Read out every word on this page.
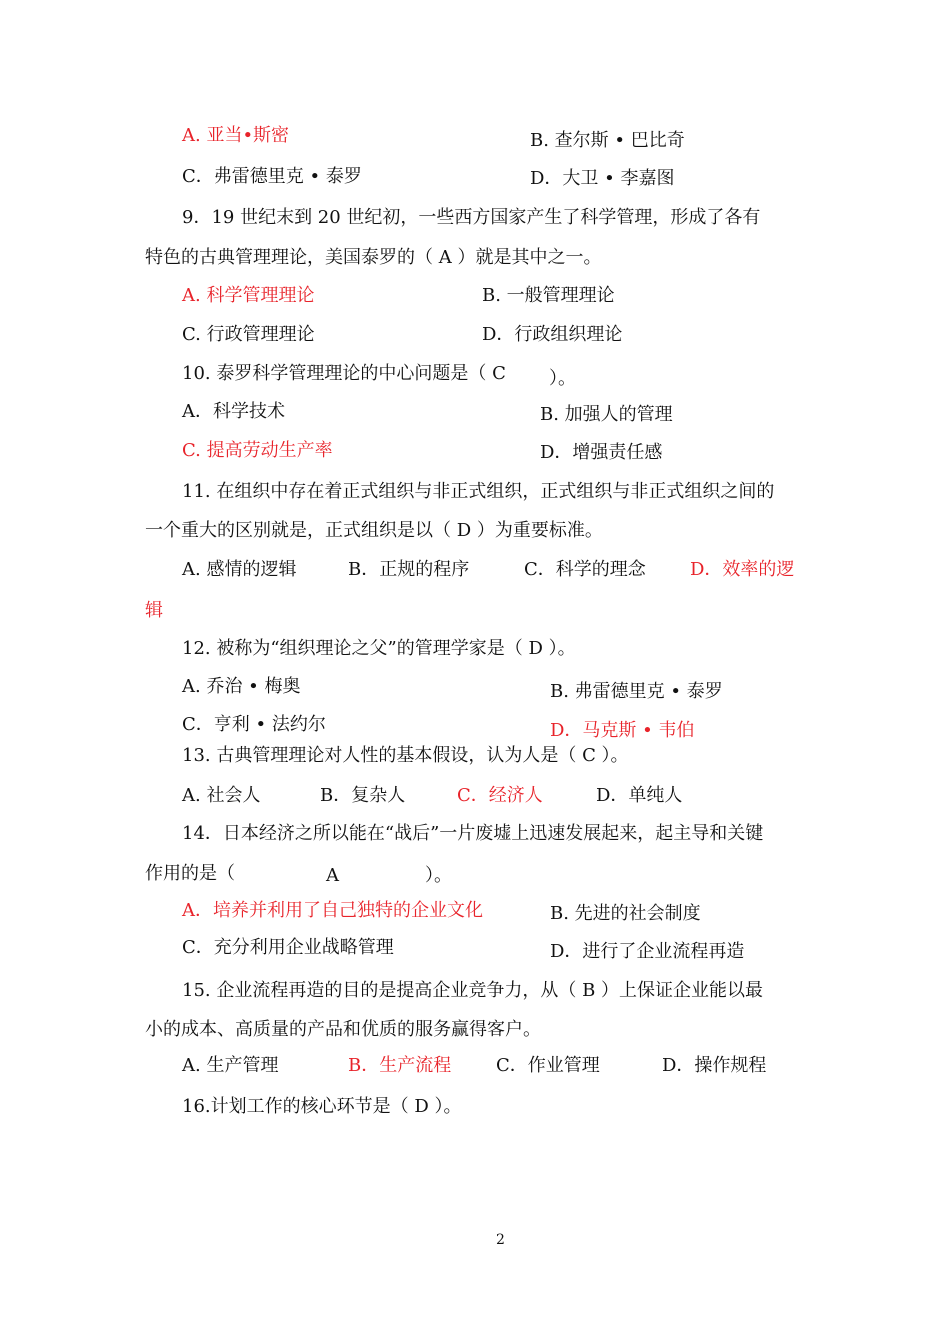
A. 亚当•斯密	B. 查尔斯 • 巴比奇
C．弗雷德里克 • 泰罗	D．大卫 • 李嘉图
9．19 世纪末到 20 世纪初，一些西方国家产生了科学管理，形成了各有
特色的古典管理理论，美国泰罗的（ A ）就是其中之一。
A. 科学管理理论	B. 一般管理理论
C. 行政管理理论	D．行政组织理论
10. 泰罗科学管理理论的中心问题是（ C ）。
A．科学技术	B. 加强人的管理
C. 提高劳动生产率	D．增强责任感
11. 在组织中存在着正式组织与非正式组织，正式组织与非正式组织之间的
一个重大的区别就是，正式组织是以（ D ）为重要标准。
A. 感情的逻辑	B．正规的程序	C．科学的理念 D．效率的逻
辑
12. 被称为“组织理论之父”的管理学家是（ D ）。
A. 乔治 • 梅奥	B. 弗雷德里克 • 泰罗
C．亨利 • 法约尔	D．马克斯 • 韦伯
13. 古典管理理论对人性的基本假设，认为人是（ C ）。
A. 社会人	B．复杂人	C．经济人	D．单纯人
14．日本经济之所以能在“战后”一片废墟上迅速发展起来，起主导和关键
作用的是（	A	）。
A．培养并利用了自己独特的企业文化	B. 先进的社会制度
C．充分利用企业战略管理	D．进行了企业流程再造
15. 企业流程再造的目的是提高企业竞争力，从（ B ）上保证企业能以最
小的成本、高质量的产品和优质的服务赢得客户。
A. 生产管理	B．生产流程 C．作业管理	D．操作规程
16.计划工作的核心环节是（ D ）。
2
